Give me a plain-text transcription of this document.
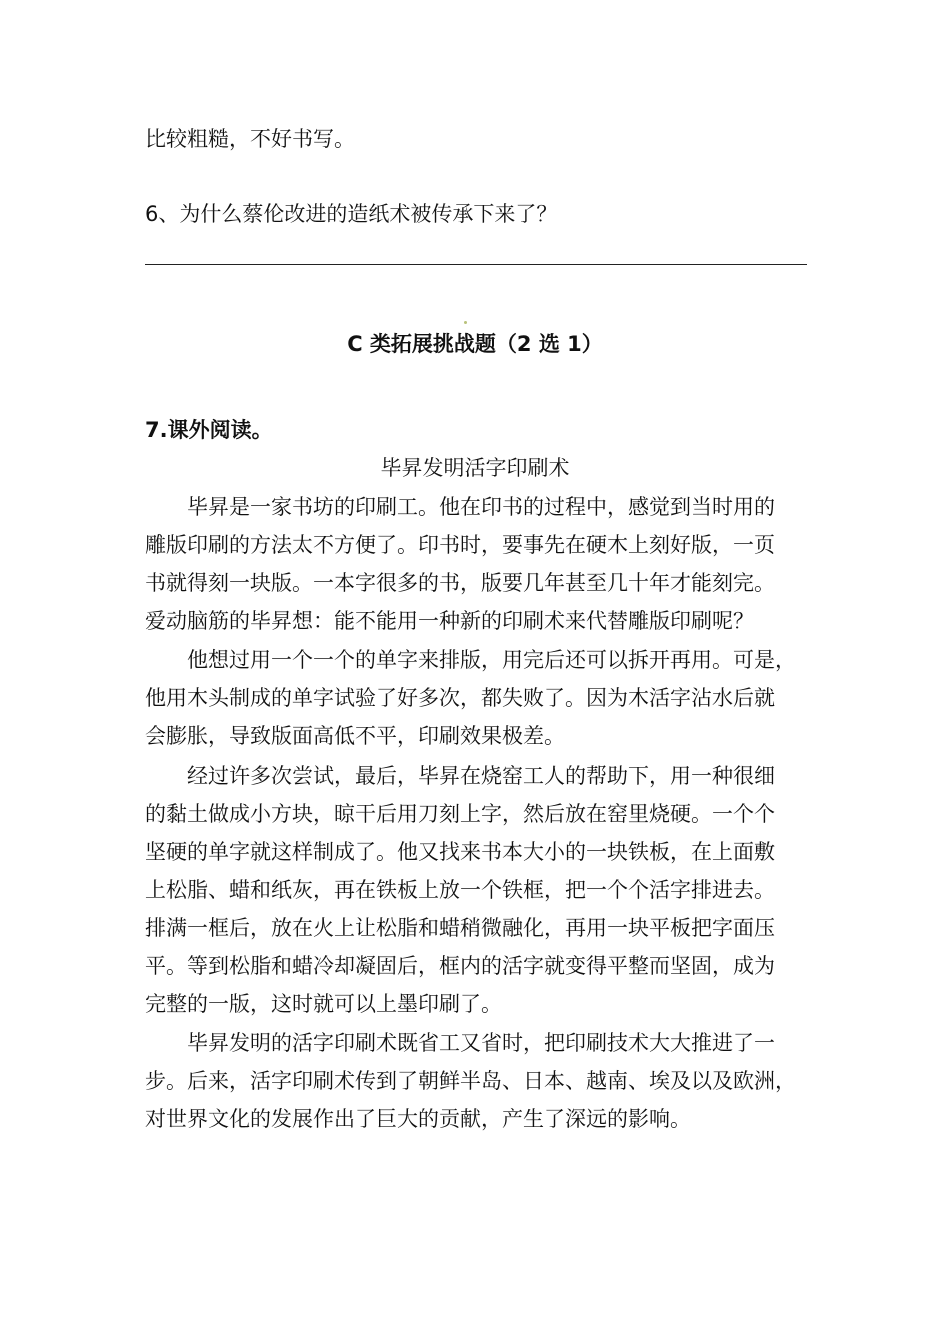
比较粗糙，不好书写。
6、为什么蔡伦改进的造纸术被传承下来了？
C 类拓展挑战题（2 选 1）
7.课外阅读。
毕昇发明活字印刷术
毕昇是一家书坊的印刷工。他在印书的过程中，感觉到当时用的
雕版印刷的方法太不方便了。印书时，要事先在硬木上刻好版，一页
书就得刻一块版。一本字很多的书，版要几年甚至几十年才能刻完。
爱动脑筋的毕昇想：能不能用一种新的印刷术来代替雕版印刷呢？
他想过用一个一个的单字来排版，用完后还可以拆开再用。可是，
他用木头制成的单字试验了好多次，都失败了。因为木活字沾水后就
会膨胀，导致版面高低不平，印刷效果极差。
经过许多次尝试，最后，毕昇在烧窑工人的帮助下，用一种很细
的黏土做成小方块，晾干后用刀刻上字，然后放在窑里烧硬。一个个
坚硬的单字就这样制成了。他又找来书本大小的一块铁板，在上面敷
上松脂、蜡和纸灰，再在铁板上放一个铁框，把一个个活字排进去。
排满一框后，放在火上让松脂和蜡稍微融化，再用一块平板把字面压
平。等到松脂和蜡冷却凝固后，框内的活字就变得平整而坚固，成为
完整的一版，这时就可以上墨印刷了。
毕昇发明的活字印刷术既省工又省时，把印刷技术大大推进了一
步。后来，活字印刷术传到了朝鲜半岛、日本、越南、埃及以及欧洲，
对世界文化的发展作出了巨大的贡献，产生了深远的影响。
